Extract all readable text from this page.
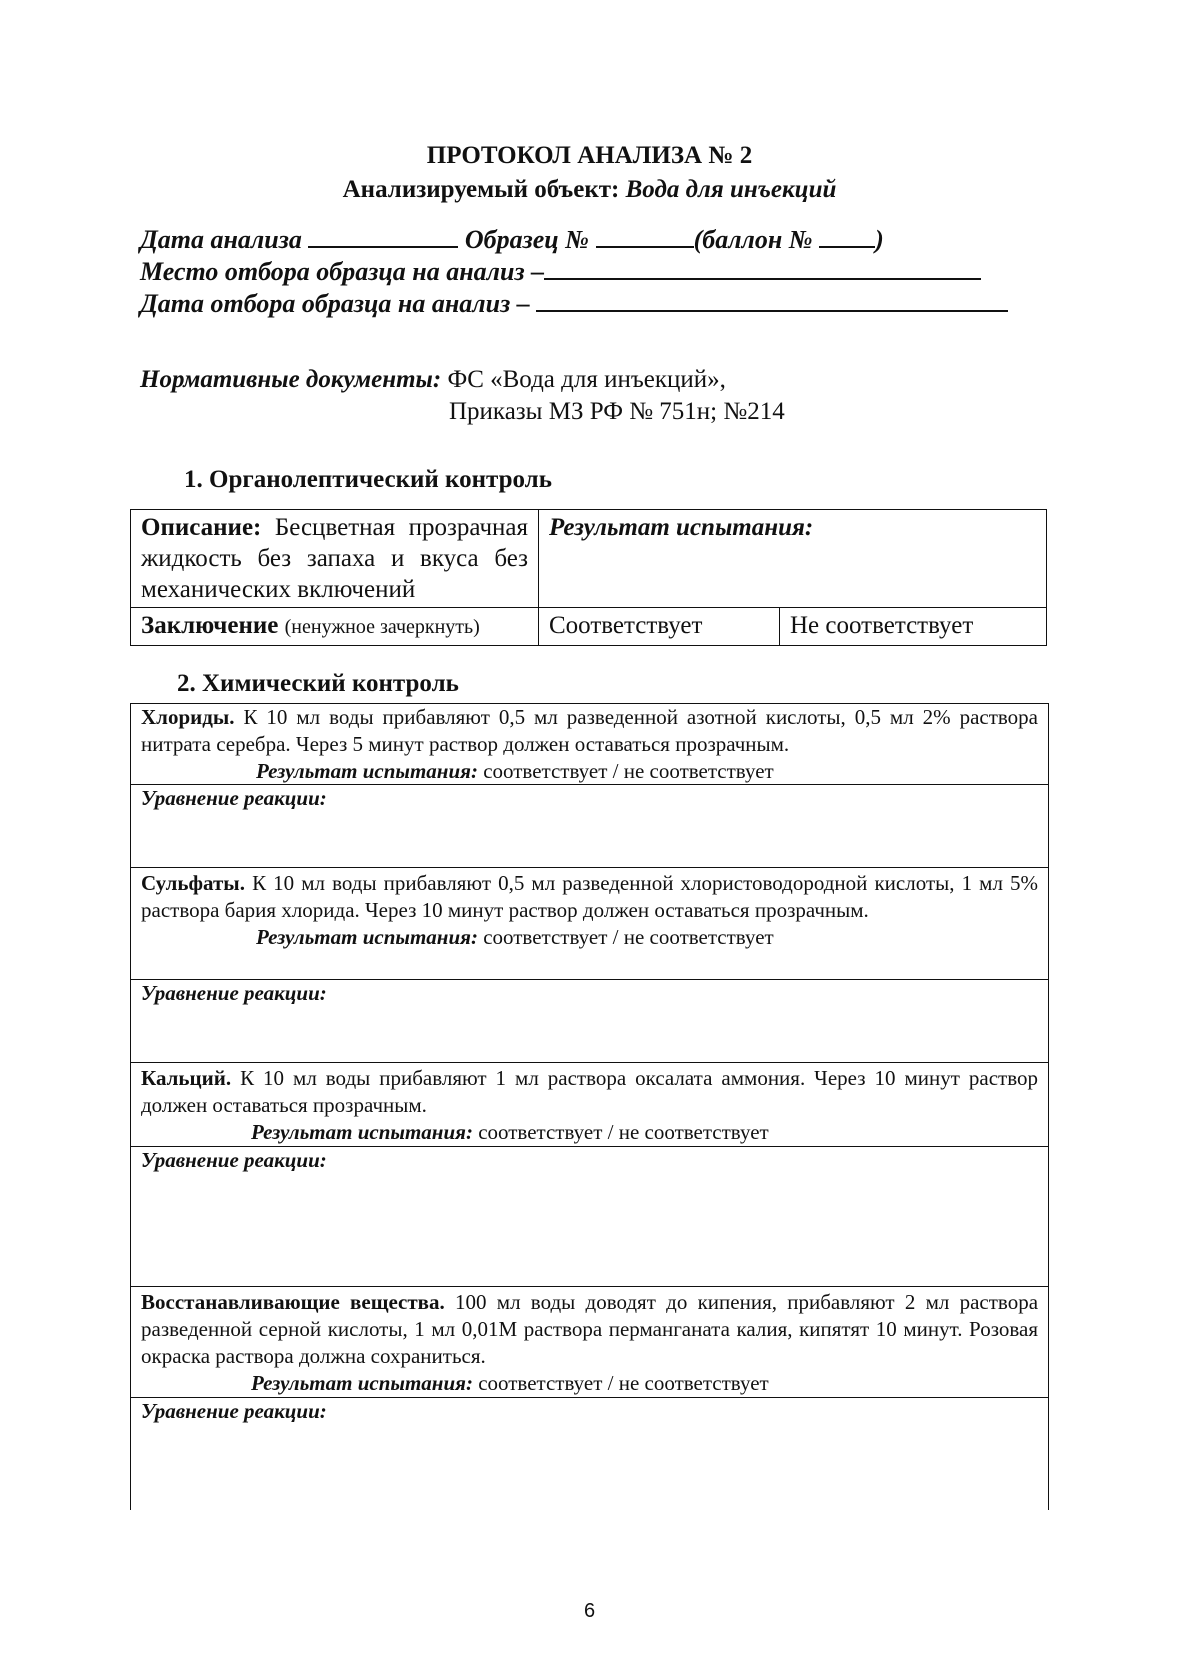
ПРОТОКОЛ АНАЛИЗА № 2
Анализируемый объект: Вода для инъекций
Дата анализа	Образец №	(баллон № )
Место отбора образца на анализ –
Дата отбора образца на анализ –
Нормативные документы: ФС «Вода для инъекций»,
Приказы МЗ РФ № 751н; №214
1. Органолептический контроль
Описание: Бесцветная прозрачная жидкость без запаха и вкуса без механических включений	Результат испытания:	
Заключение (ненужное зачеркнуть)	Соответствует	Не соответствует
2. Химический контроль
Хлориды. К 10 мл воды прибавляют 0,5 мл разведенной азотной кислоты, 0,5 мл 2% раствора нитрата серебра. Через 5 минут раствор должен оставаться прозрачным.
Результат испытания: соответствует / не соответствует
Уравнение реакции:
Сульфаты. К 10 мл воды прибавляют 0,5 мл разведенной хлористоводородной кислоты, 1 мл 5% раствора бария хлорида. Через 10 минут раствор должен оставаться прозрачным.
Результат испытания: соответствует / не соответствует
Уравнение реакции:
Кальций. К 10 мл воды прибавляют 1 мл раствора оксалата аммония. Через 10 минут раствор должен оставаться прозрачным.
Результат испытания: соответствует / не соответствует
Уравнение реакции:
Восстанавливающие вещества. 100 мл воды доводят до кипения, прибавляют 2 мл раствора разведенной серной кислоты, 1 мл 0,01М раствора перманганата калия, кипятят 10 минут. Розовая окраска раствора должна сохраниться.
Результат испытания: соответствует / не соответствует
Уравнение реакции:
6
